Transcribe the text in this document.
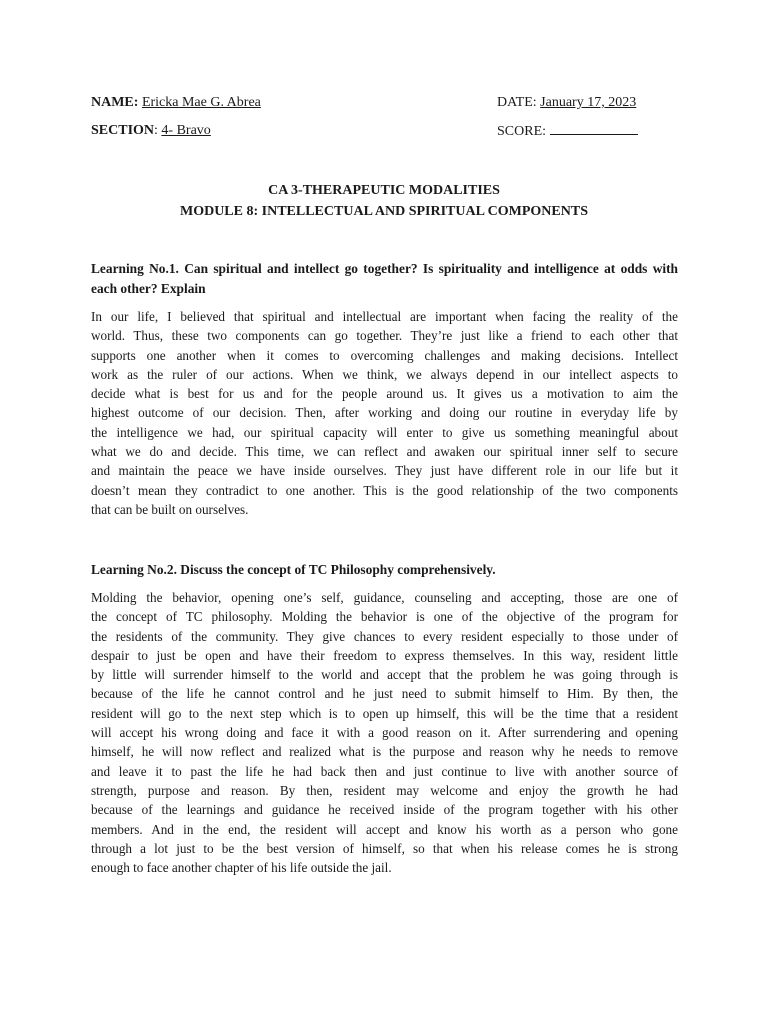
NAME: Ericka Mae G. Abrea	DATE: January 17, 2023
SECTION: 4- Bravo	SCORE:
CA 3-THERAPEUTIC MODALITIES
MODULE 8: INTELLECTUAL AND SPIRITUAL COMPONENTS
Learning No.1. Can spiritual and intellect go together? Is spirituality and intelligence at odds with each other? Explain
In our life, I believed that spiritual and intellectual are important when facing the reality of the
world. Thus, these two components can go together. They’re just like a friend to each other that
supports one another when it comes to overcoming challenges and making decisions. Intellect
work as the ruler of our actions. When we think, we always depend in our intellect aspects to
decide what is best for us and for the people around us. It gives us a motivation to aim the
highest outcome of our decision. Then, after working and doing our routine in everyday life by
the intelligence we had, our spiritual capacity will enter to give us something meaningful about
what we do and decide. This time, we can reflect and awaken our spiritual inner self to secure
and maintain the peace we have inside ourselves. They just have different role in our life but it
doesn’t mean they contradict to one another. This is the good relationship of the two components
that can be built on ourselves.
Learning No.2. Discuss the concept of TC Philosophy comprehensively.
Molding the behavior, opening one’s self, guidance, counseling and accepting, those are one of
the concept of TC philosophy. Molding the behavior is one of the objective of the program for
the residents of the community. They give chances to every resident especially to those under of
despair to just be open and have their freedom to express themselves. In this way, resident little
by little will surrender himself to the world and accept that the problem he was going through is
because of the life he cannot control and he just need to submit himself to Him. By then, the
resident will go to the next step which is to open up himself, this will be the time that a resident
will accept his wrong doing and face it with a good reason on it. After surrendering and opening
himself, he will now reflect and realized what is the purpose and reason why he needs to remove
and leave it to past the life he had back then and just continue to live with another source of
strength, purpose and reason. By then, resident may welcome and enjoy the growth he had
because of the learnings and guidance he received inside of the program together with his other
members. And in the end, the resident will accept and know his worth as a person who gone
through a lot just to be the best version of himself, so that when his release comes he is strong
enough to face another chapter of his life outside the jail.
